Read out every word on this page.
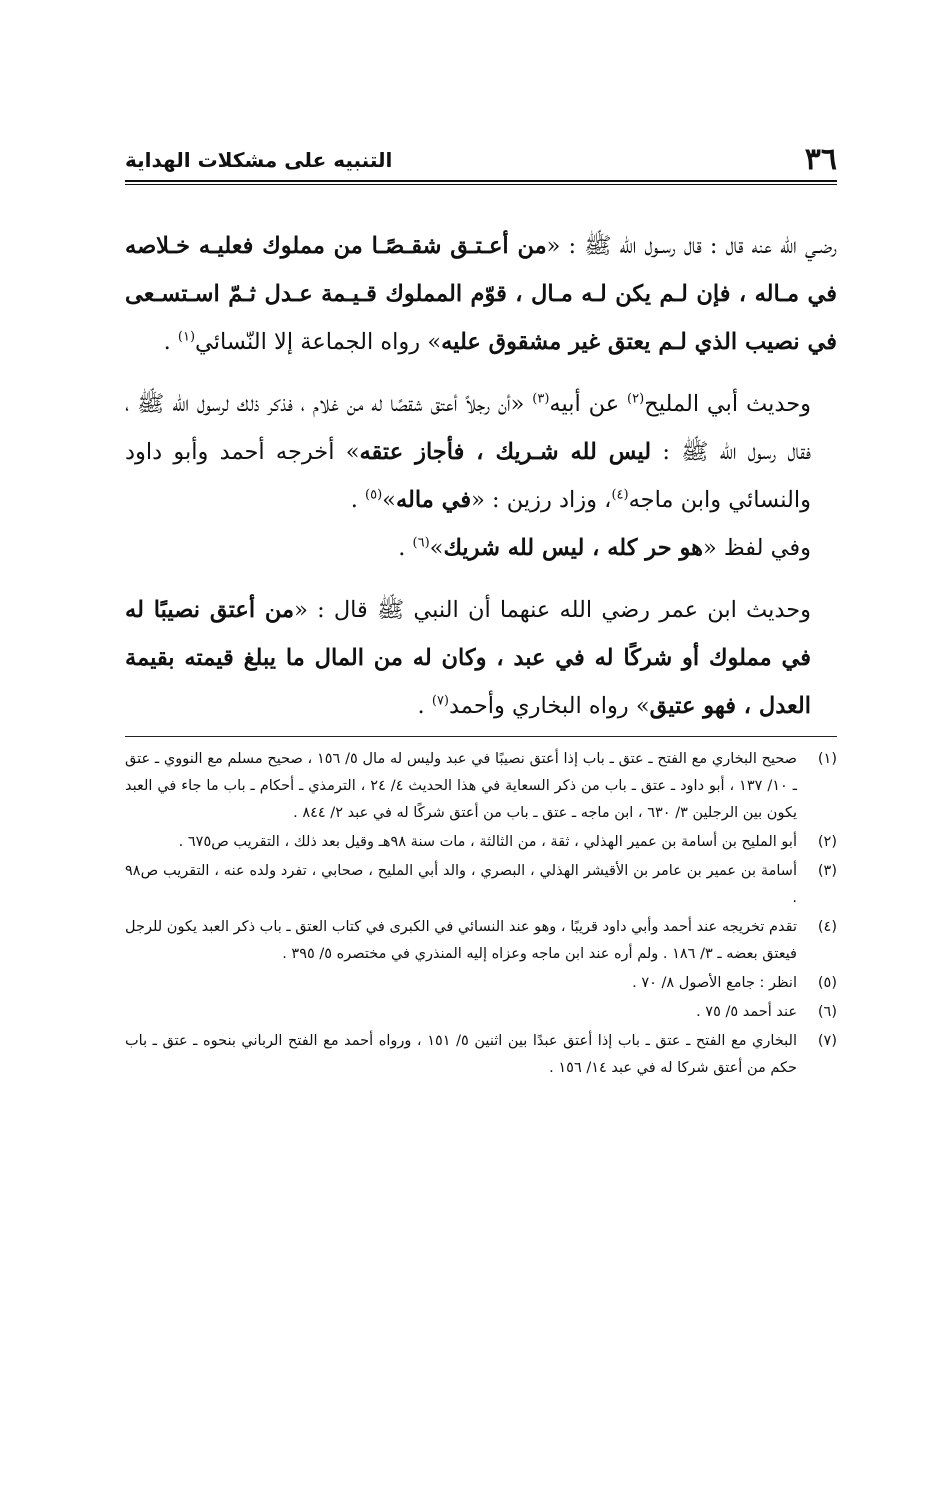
٣٦
التنبيه على مشكلات الهداية

رضـي الله عنه قال : قال رسـول الله ﷺ : «من أعـتـق شقـصًـا من مملوك فعليـه خـلاصه في مـاله ، فإن لـم يكن لـه مـال ، قوّم المملوك قـيـمة عـدل ثـمّ اسـتسـعى في نصيب الذي لـم يعتق غير مشقوق عليه» رواه الجماعة إلا النّسائي$^{(١)}$ .

وحديث أبي المليح$^{(٢)}$ عن أبيه$^{(٣)}$ «أن رجلاً أعتق شقصًا له من غلام ، فذكر ذلك لرسول الله ﷺ ، فقال رسول الله ﷺ : ليس لله شـريك ، فأجاز عتقه» أخرجه أحمد وأبو داود والنسائي وابن ماجه$^{(٤)}$، وزاد رزين : «في ماله»$^{(٥)}$ .

وفي لفظ «هو حر كله ، ليس لله شريك»$^{(٦)}$ .

وحديث ابن عمر رضي الله عنهما أن النبي ﷺ قال : «من أعتق نصيبًا له في مملوك أو شركًا له في عبد ، وكان له من المال ما يبلغ قيمته بقيمة العدل ، فهو عتيق» رواه البخاري وأحمد$^{(٧)}$ .

(١)
صحيح البخاري مع الفتح ـ عتق ـ باب إذا أعتق نصيبًا في عبد وليس له مال ٥/ ١٥٦ ، صحيح مسلم مع النووي ـ عتق ـ ١٠/ ١٣٧ ، أبو داود ـ عتق ـ باب من ذكر السعاية في هذا الحديث ٤/ ٢٤ ، الترمذي ـ أحكام ـ باب ما جاء في العبد يكون بين الرجلين ٣/ ٦٣٠ ، ابن ماجه ـ عتق ـ باب من أعتق شركًا له في عبد ٢/ ٨٤٤ .
(٢)
أبو المليح بن أسامة بن عمير الهذلي ، ثقة ، من الثالثة ، مات سنة ٩٨هـ وقيل بعد ذلك ، التقريب ص٦٧٥ .
(٣)
أسامة بن عمير بن عامر بن الأقيشر الهذلي ، البصري ، والد أبي المليح ، صحابي ، تفرد ولده عنه ، التقريب ص٩٨ .
(٤)
تقدم تخريجه عند أحمد وأبي داود قريبًا ، وهو عند النسائي في الكبرى في كتاب العتق ـ باب ذكر العبد يكون للرجل فيعتق بعضه ـ ٣/ ١٨٦ . ولم أره عند ابن ماجه وعزاه إليه المنذري في مختصره ٥/ ٣٩٥ .
(٥)
انظر : جامع الأصول ٨/ ٧٠ .
(٦)
عند أحمد ٥/ ٧٥ .
(٧)
البخاري مع الفتح ـ عتق ـ باب إذا أعتق عبدًا بين اثنين ٥/ ١٥١ ، ورواه أحمد مع الفتح الرباني بنحوه ـ عتق ـ باب حكم من أعتق شركا له في عبد ١٤/ ١٥٦ .
